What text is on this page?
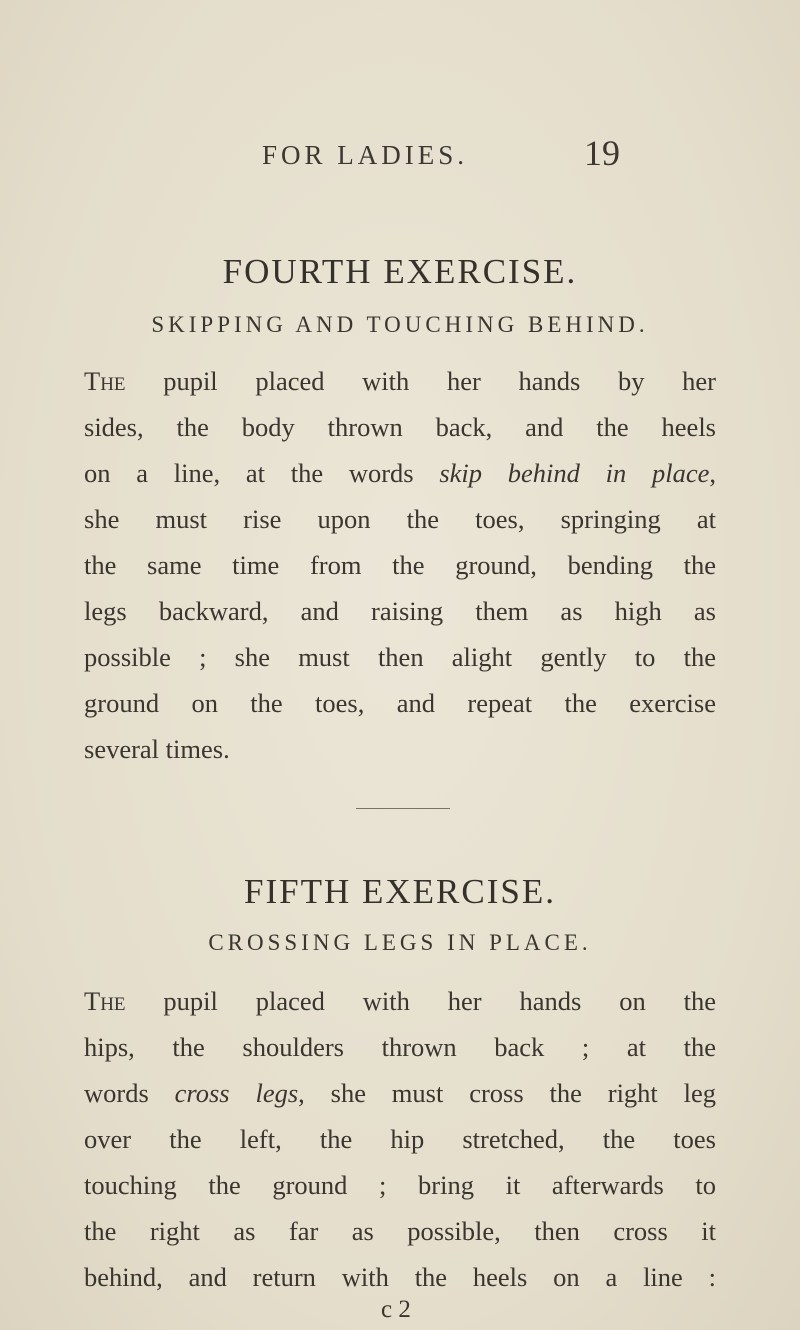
FOR LADIES.	19
FOURTH EXERCISE.
SKIPPING AND TOUCHING BEHIND.
The pupil placed with her hands by her
sides, the body thrown back, and the heels
on a line, at the words skip behind in place,
she must rise upon the toes, springing at
the same time from the ground, bending the
legs backward, and raising them as high as
possible ; she must then alight gently to the
ground on the toes, and repeat the exercise
several times.
FIFTH EXERCISE.
CROSSING LEGS IN PLACE.
The pupil placed with her hands on the
hips, the shoulders thrown back ; at the
words cross legs, she must cross the right leg
over the left, the hip stretched, the toes
touching the ground ; bring it afterwards to
the right as far as possible, then cross it
behind, and return with the heels on a line :
c 2
